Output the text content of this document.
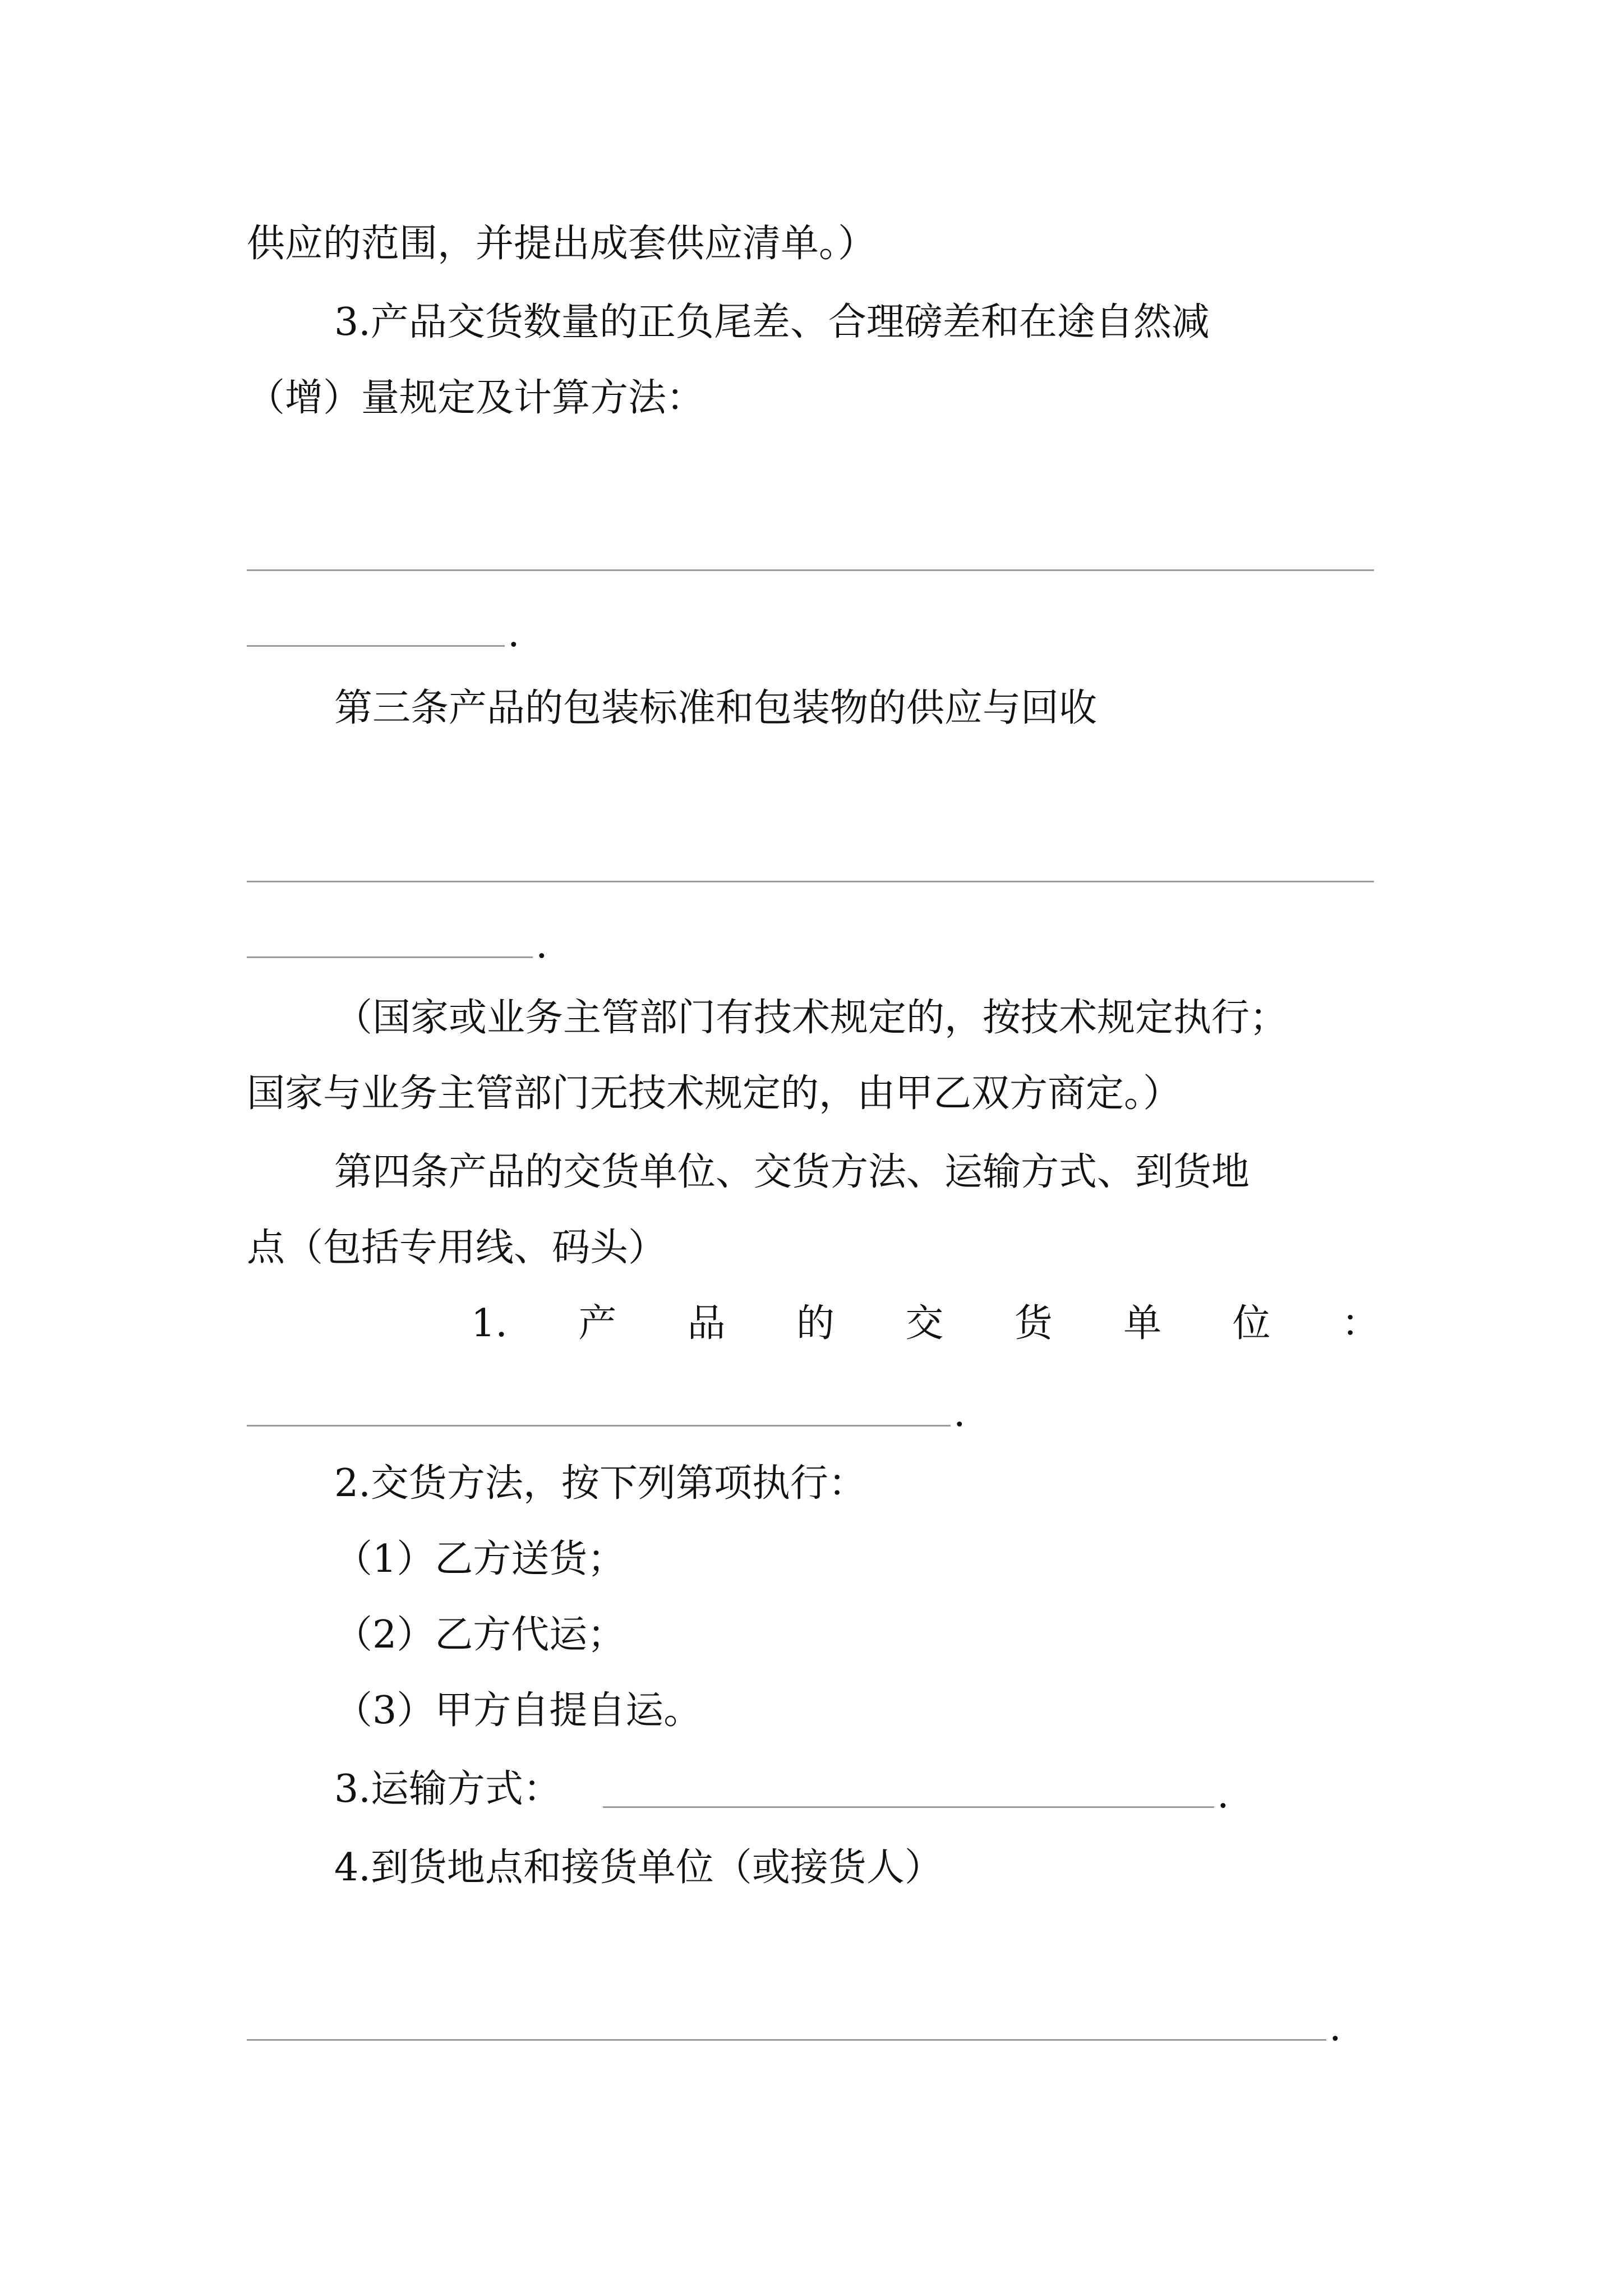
供应的范围，并提出成套供应清单。）
3.产品交货数量的正负尾差、合理磅差和在途自然减
（增）量规定及计算方法：
.
第三条产品的包装标准和包装物的供应与回收
.
（国家或业务主管部门有技术规定的，按技术规定执行；
国家与业务主管部门无技术规定的，由甲乙双方商定。）
第四条产品的交货单位、交货方法、运输方式、到货地
点（包括专用线、码头）
1. 产 品 的 交 货 单 位 ：
.
2.交货方法，按下列第项执行：
（1）乙方送货；
（2）乙方代运；
（3）甲方自提自运。
3.运输方式：	.
4.到货地点和接货单位（或接货人）
.
